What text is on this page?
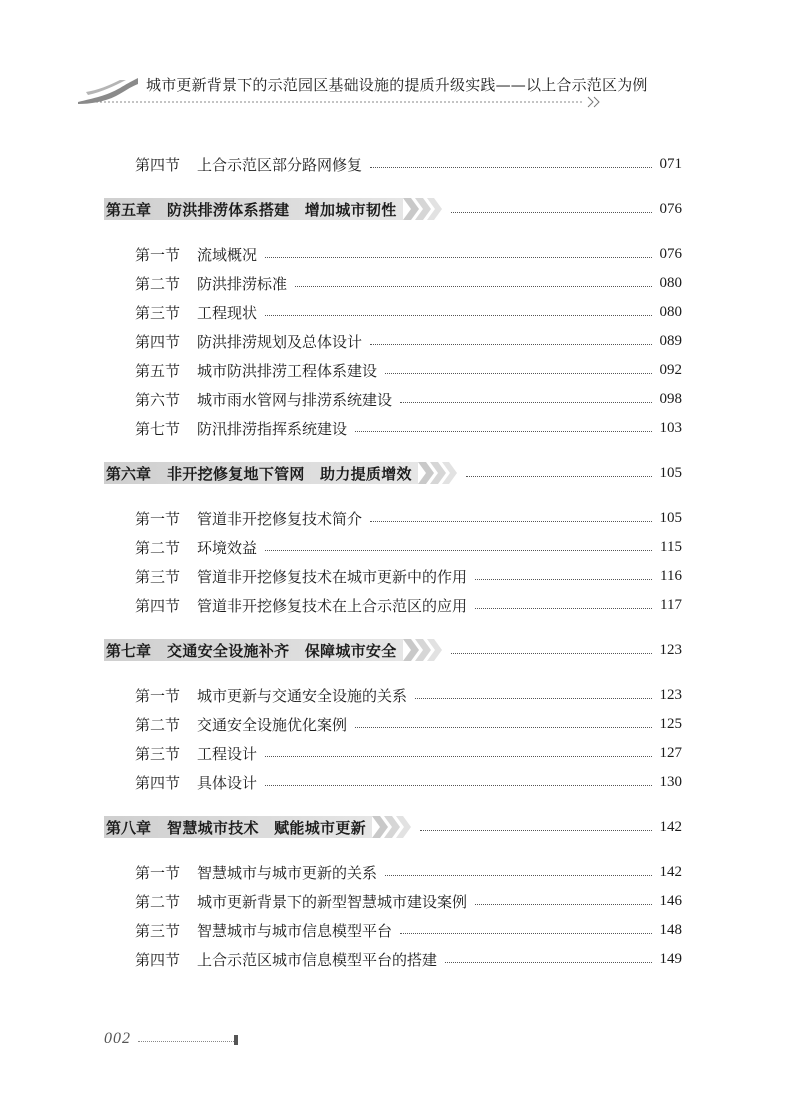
城市更新背景下的示范园区基础设施的提质升级实践——以上合示范区为例
第四节	上合示范区部分路网修复	071
第五章 防洪排涝体系搭建　增加城市韧性	076
第一节	流域概况	076
第二节	防洪排涝标准	080
第三节	工程现状	080
第四节	防洪排涝规划及总体设计	089
第五节	城市防洪排涝工程体系建设	092
第六节	城市雨水管网与排涝系统建设	098
第七节	防汛排涝指挥系统建设	103
第六章 非开挖修复地下管网　助力提质增效	105
第一节	管道非开挖修复技术简介	105
第二节	环境效益	115
第三节	管道非开挖修复技术在城市更新中的作用	116
第四节	管道非开挖修复技术在上合示范区的应用	117
第七章 交通安全设施补齐　保障城市安全	123
第一节	城市更新与交通安全设施的关系	123
第二节	交通安全设施优化案例	125
第三节	工程设计	127
第四节	具体设计	130
第八章 智慧城市技术　赋能城市更新	142
第一节	智慧城市与城市更新的关系	142
第二节	城市更新背景下的新型智慧城市建设案例	146
第三节	智慧城市与城市信息模型平台	148
第四节	上合示范区城市信息模型平台的搭建	149
002
